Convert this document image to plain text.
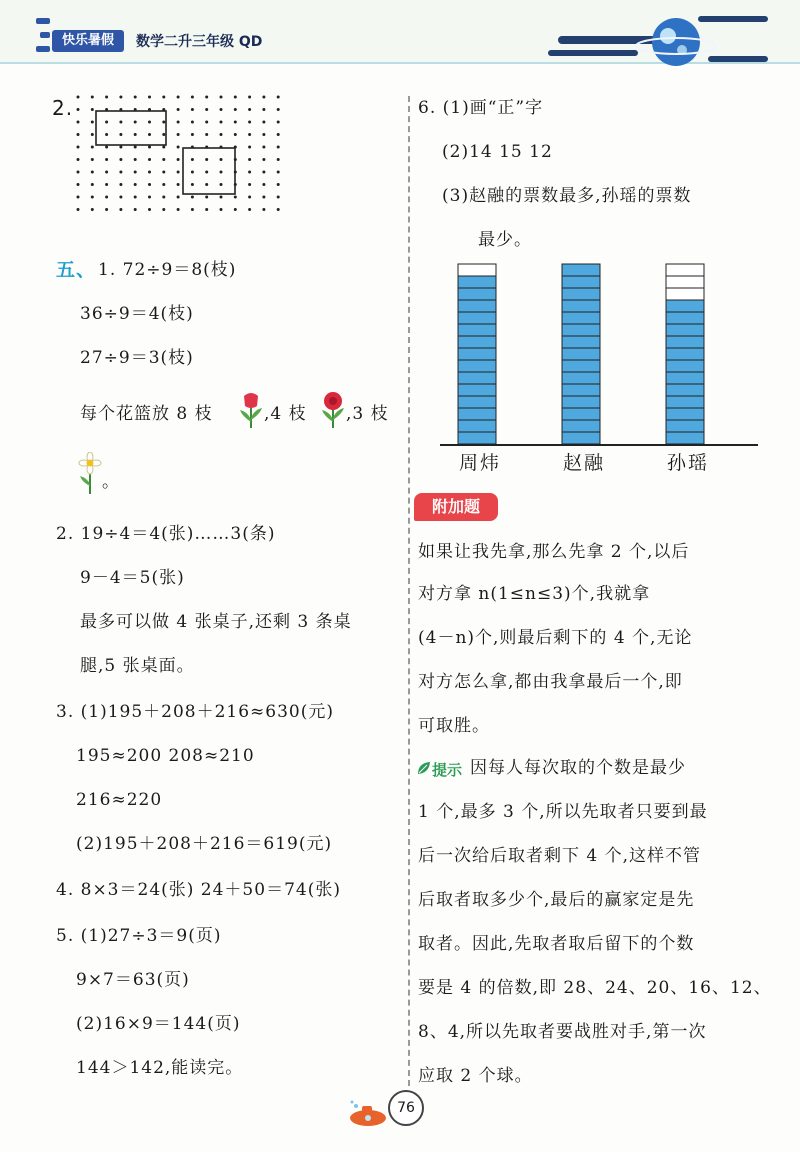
快乐暑假	数学二升三年级 QD
2.
五、 1. 72÷9＝8(枝)
36÷9＝4(枝)
27÷9＝3(枝)
每个花篮放 8 枝	,4 枝 ,3 枝
。
2. 19÷4＝4(张)……3(条)
9－4＝5(张)
最多可以做 4 张桌子,还剩 3 条桌
腿,5 张桌面。
3. (1)195＋208＋216≈630(元)
195≈200 208≈210
216≈220
(2)195＋208＋216＝619(元)
4. 8×3＝24(张) 24＋50＝74(张)
5. (1)27÷3＝9(页)
9×7＝63(页)
(2)16×9＝144(页)
144＞142,能读完。
6. (1)画“正”字
(2)14 15 12
(3)赵融的票数最多,孙瑶的票数
最少。
周炜	赵融	孙瑶
附加题
如果让我先拿,那么先拿 2 个,以后
对方拿 n(1≤n≤3)个,我就拿
(4－n)个,则最后剩下的 4 个,无论
对方怎么拿,都由我拿最后一个,即
可取胜。
提示 因每人每次取的个数是最少
1 个,最多 3 个,所以先取者只要到最
后一次给后取者剩下 4 个,这样不管
后取者取多少个,最后的赢家定是先
取者。因此,先取者取后留下的个数
要是 4 的倍数,即 28、24、20、16、12、
8、4,所以先取者要战胜对手,第一次
应取 2 个球。
76
